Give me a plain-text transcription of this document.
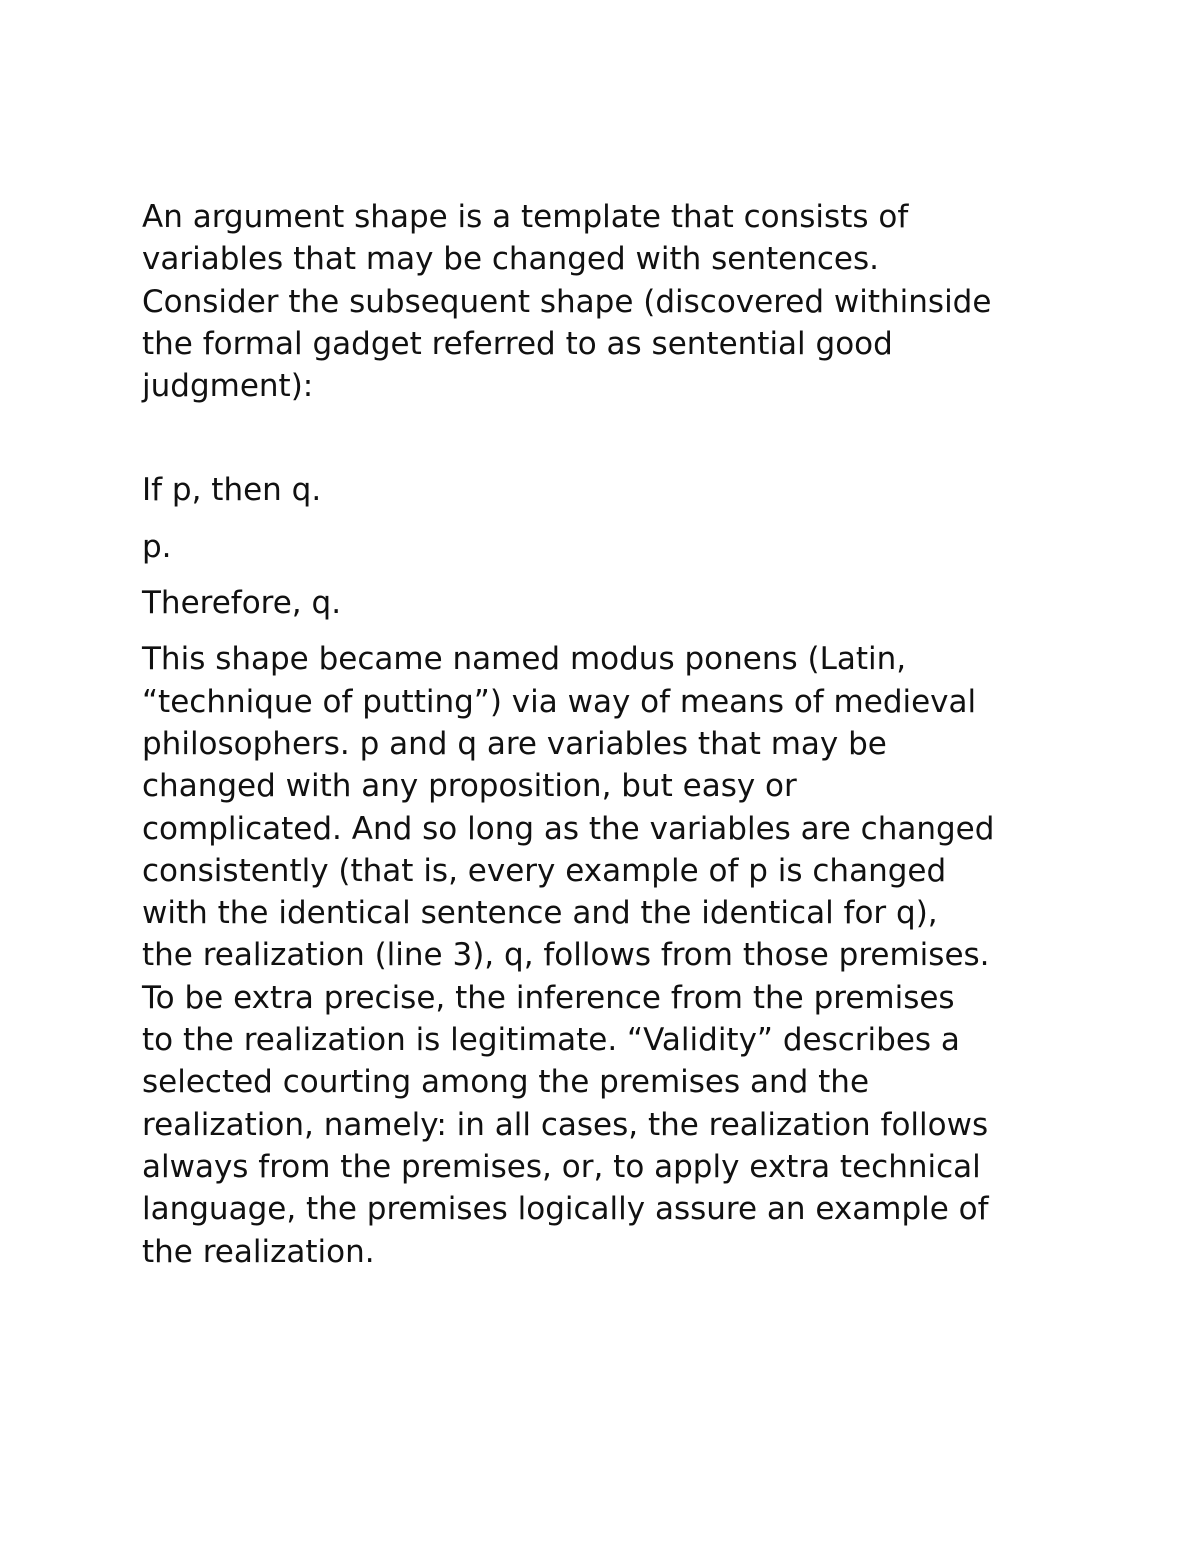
An argument shape is a template that consists of
variables that may be changed with sentences.
Consider the subsequent shape (discovered withinside
the formal gadget referred to as sentential good
judgment):
If p, then q.
p.
Therefore, q.
This shape became named modus ponens (Latin,
“technique of putting”) via way of means of medieval
philosophers. p and q are variables that may be
changed with any proposition, but easy or
complicated. And so long as the variables are changed
consistently (that is, every example of p is changed
with the identical sentence and the identical for q),
the realization (line 3), q, follows from those premises.
To be extra precise, the inference from the premises
to the realization is legitimate. “Validity” describes a
selected courting among the premises and the
realization, namely: in all cases, the realization follows
always from the premises, or, to apply extra technical
language, the premises logically assure an example of
the realization.
